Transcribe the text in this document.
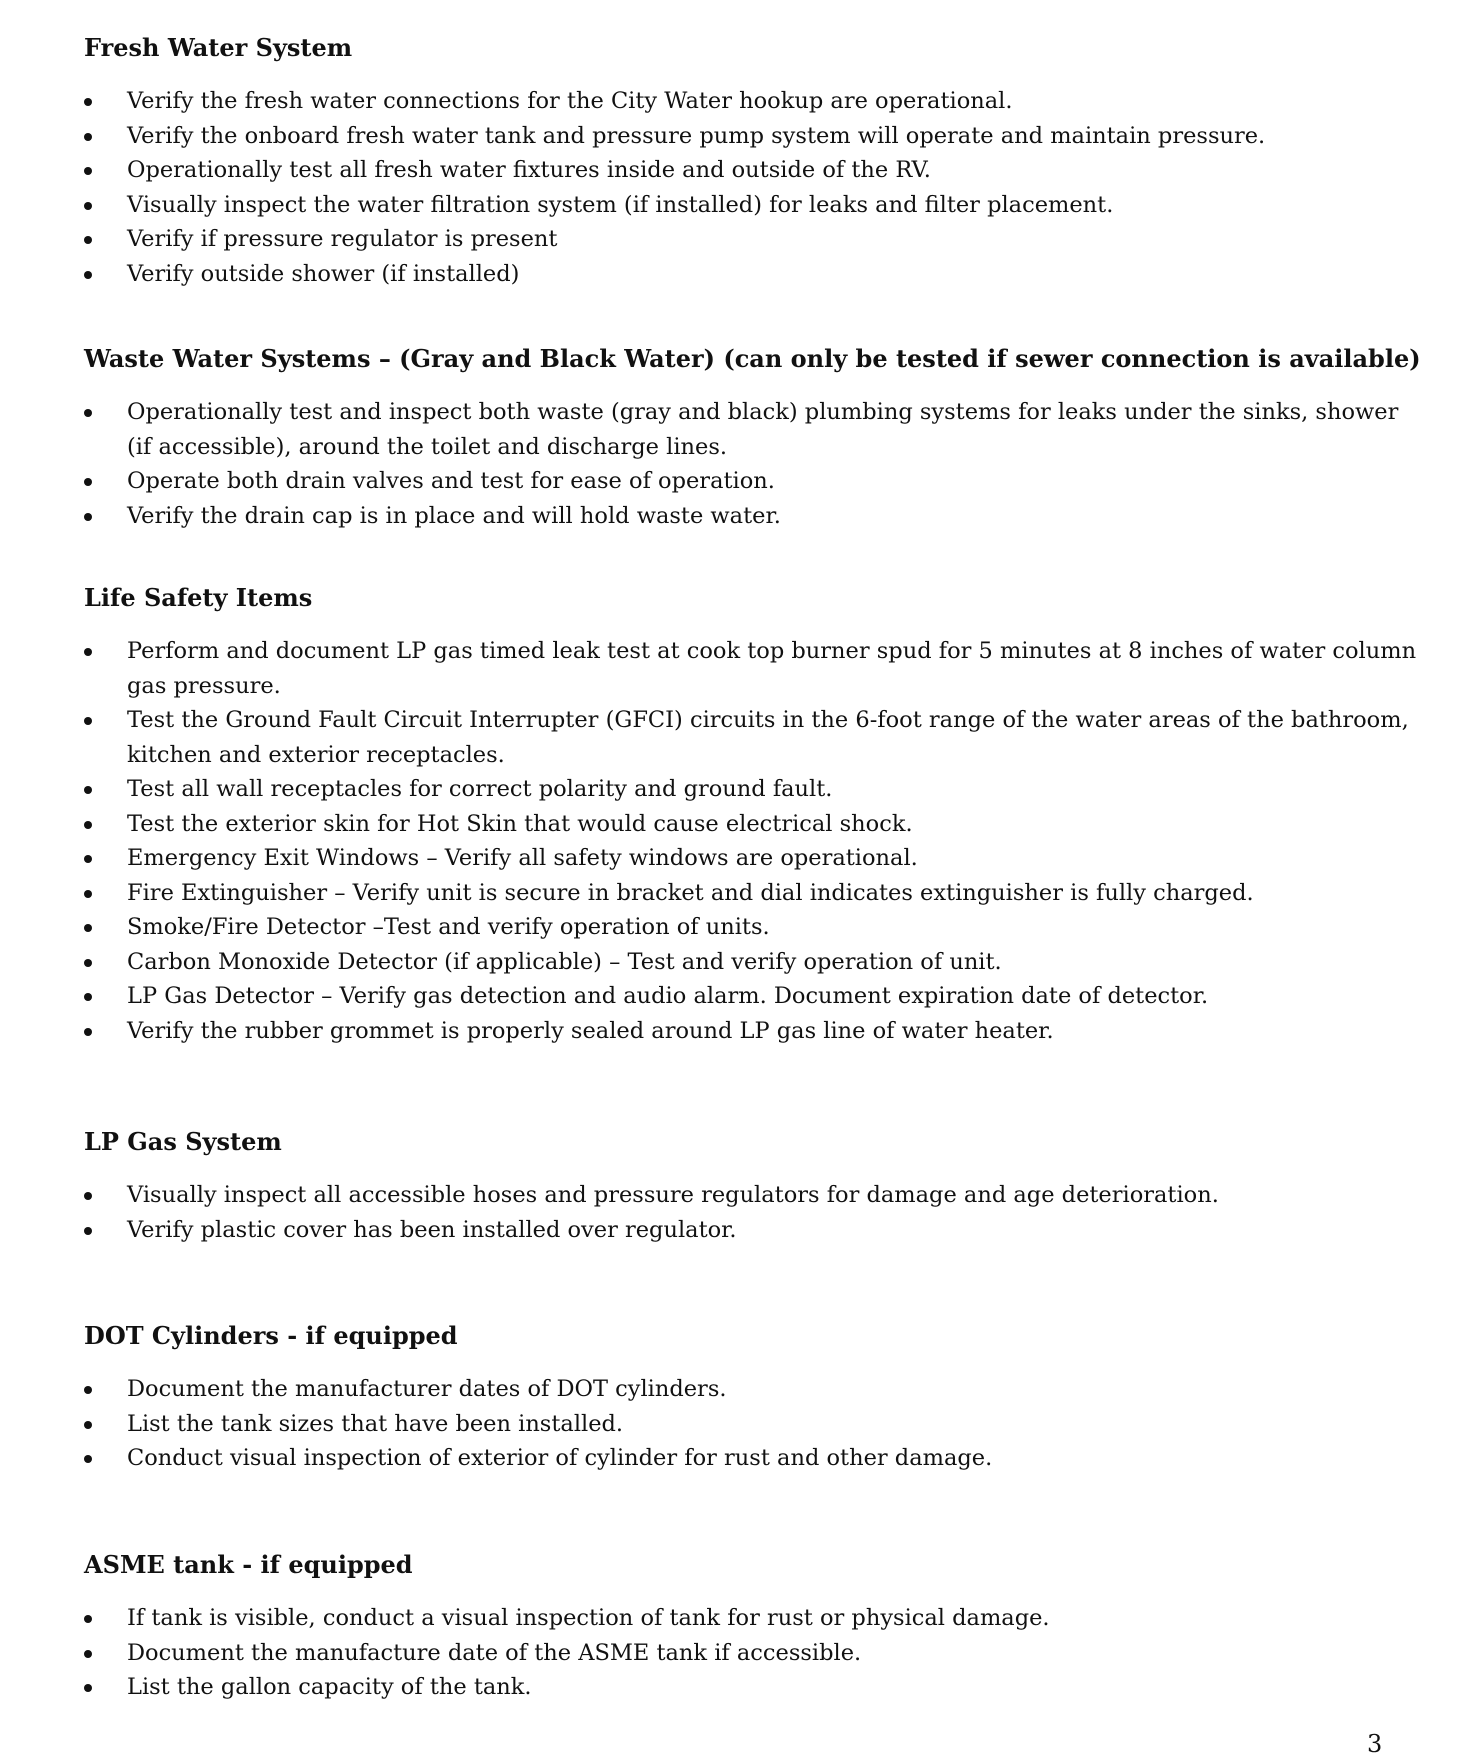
Fresh Water System
Verify the fresh water connections for the City Water hookup are operational.
Verify the onboard fresh water tank and pressure pump system will operate and maintain pressure.
Operationally test all fresh water fixtures inside and outside of the RV.
Visually inspect the water filtration system (if installed) for leaks and filter placement.
Verify if pressure regulator is present
Verify outside shower (if installed)
Waste Water Systems – (Gray and Black Water) (can only be tested if sewer connection is available)
Operationally test and inspect both waste (gray and black) plumbing systems for leaks under the sinks, shower (if accessible), around the toilet and discharge lines.
Operate both drain valves and test for ease of operation.
Verify the drain cap is in place and will hold waste water.
Life Safety Items
Perform and document LP gas timed leak test at cook top burner spud for 5 minutes at 8 inches of water column gas pressure.
Test the Ground Fault Circuit Interrupter (GFCI) circuits in the 6-foot range of the water areas of the bathroom, kitchen and exterior receptacles.
Test all wall receptacles for correct polarity and ground fault.
Test the exterior skin for Hot Skin that would cause electrical shock.
Emergency Exit Windows – Verify all safety windows are operational.
Fire Extinguisher – Verify unit is secure in bracket and dial indicates extinguisher is fully charged.
Smoke/Fire Detector –Test and verify operation of units.
Carbon Monoxide Detector (if applicable) – Test and verify operation of unit.
LP Gas Detector – Verify gas detection and audio alarm. Document expiration date of detector.
Verify the rubber grommet is properly sealed around LP gas line of water heater.
LP Gas System
Visually inspect all accessible hoses and pressure regulators for damage and age deterioration.
Verify plastic cover has been installed over regulator.
DOT Cylinders - if equipped
Document the manufacturer dates of DOT cylinders.
List the tank sizes that have been installed.
Conduct visual inspection of exterior of cylinder for rust and other damage.
ASME tank - if equipped
If tank is visible, conduct a visual inspection of tank for rust or physical damage.
Document the manufacture date of the ASME tank if accessible.
List the gallon capacity of the tank.
3
